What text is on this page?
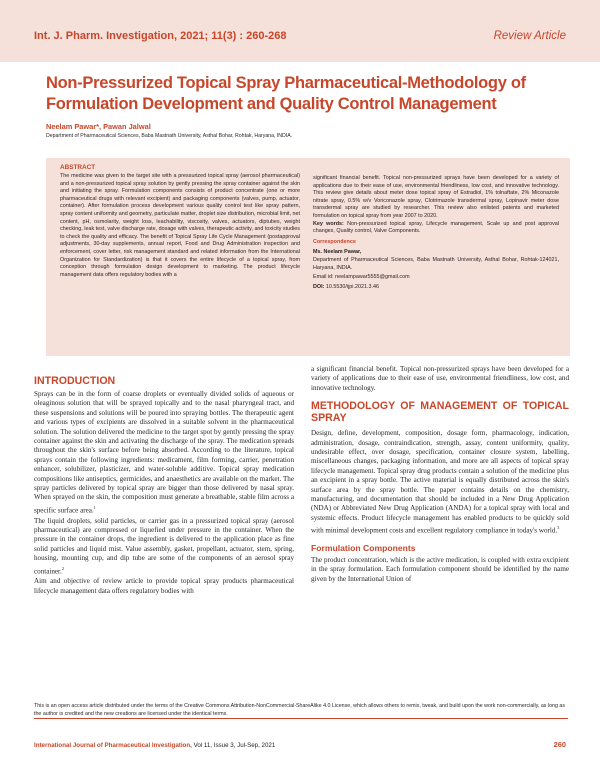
Int. J. Pharm. Investigation, 2021; 11(3) : 260-268	Review Article
Non-Pressurized Topical Spray Pharmaceutical-Methodology of Formulation Development and Quality Control Management
Neelam Pawar*, Pawan Jalwal
Department of Pharmaceutical Sciences, Baba Mastnath University, Asthal Bohar, Rohtak, Haryana, INDIA.
ABSTRACT

The medicine was given to the target site with a pressurized topical spray (aerosol pharmaceutical) and a non-pressurized topical spray solution by gently pressing the spray container against the skin and initiating the spray. Formulation components consists of product concentrate (one or more pharmaceutical drugs with relevant excipient) and packaging components (valves, pump, actuator, container). After formulation process development various quality control test like spray pattern, spray content uniformity and geometry, particulate matter, droplet size distribution, microbial limit, net content, pH, osmolarity, weight loss, leachability, viscosity, valves, actuators, diptubes, weight checking, leak test, valve discharge rate, dosage with valves, therapeutic activity, and toxicity studies to check the quality and efficacy. The benefit of Topical Spray Life Cycle Management (postapproval adjustments, 30-day supplements, annual report, Food and Drug Administration inspection and enforcement, cover letter, risk management standard and related information from the International Organization for Standardization) is that it covers the entire lifecycle of a topical spray, from conception through formulation design development to marketing. The product lifecycle management data offers regulatory bodies with a

significant financial benefit. Topical non-pressurized sprays have been developed for a variety of applications due to their ease of use, environmental friendliness, low cost, and innovative technology. This review give details about meter dose topical spray of Estradiol, 1% tolnaftate, 2% Miconazole nitrate spray, 0.5% w/v Voriconazole spray, Clotrimazole transdermal spray, Lopinavir meter dose transdermal spray are studied by researcher. This review also enlisted patents and marketed formulation on topical spray from year 2007 to 2020.

Key words: Non-pressurized topical spray, Lifecycle management, Scale up and post approval changes, Quality control, Valve Components.

Correspondence
Ms. Neelam Pawar,

Department of Pharmaceutical Sciences, Baba Mastnath University, Asthal Bohar, Rohtak-124021, Haryana, INDIA.

Email id: neelampawar5555@gmail.com

DOI: 10.5530/ijpi.2021.3.46

INTRODUCTION

Sprays can be in the form of coarse droplets or eventually divided solids of aqueous or oleaginous solution that will be sprayed topically and to the nasal pharyngeal tract, and these suspensions and solutions will be poured into spraying bottles. The therapeutic agent and various types of excipients are dissolved in a suitable solvent in the pharmaceutical solution. The solution delivered the medicine to the target spot by gently pressing the spray container against the skin and activating the discharge of the spray. The medication spreads throughout the skin's surface before being absorbed. According to the literature, topical sprays contain the following ingredients: medicament, film forming, carrier, penetration enhancer, solubilizer, plasticizer, and water-soluble additive. Topical spray medication compositions like antiseptics, germicides, and anaesthetics are available on the market. The spray particles delivered by topical spray are bigger than those delivered by nasal spray. When sprayed on the skin, the composition must generate a breathable, stable film across a specific surface area.$^1$

The liquid droplets, solid particles, or carrier gas in a pressurized topical spray (aerosol pharmaceutical) are compressed or liquefied under pressure in the container. When the pressure in the container drops, the ingredient is delivered to the application place as fine solid particles and liquid mist. Value assembly, gasket, propellant, actuator, stem, spring, housing, mounting cup, and dip tube are some of the components of an aerosol spray container.$^2$

Aim and objective of review article to provide topical spray products pharmaceutical lifecycle management data offers regulatory bodies with

a significant financial benefit. Topical non-pressurized sprays have been developed for a variety of applications due to their ease of use, environmental friendliness, low cost, and innovative technology.

METHODOLOGY OF MANAGEMENT OF TOPICAL SPRAY

Design, define, development, composition, dosage form, pharmacology, indication, administration, dosage, contraindication, strength, assay, content uniformity, quality, undesirable effect, over dosage, specification, container closure system, labelling, miscellaneous changes, packaging information, and more are all aspects of topical spray lifecycle management. Topical spray drug products contain a solution of the medicine plus an excipient in a spray bottle. The active material is equally distributed across the skin's surface area by the spray bottle. The paper contains details on the chemistry, manufacturing, and documentation that should be included in a New Drug Application (NDA) or Abbreviated New Drug Application (ANDA) for a topical spray with local and systemic effects. Product lifecycle management has enabled products to be quickly sold with minimal development costs and excellent regulatory compliance in today's world.$^3$

Formulation Components

The product concentration, which is the active medication, is coupled with extra excipient in the spray formulation. Each formulation component should be identified by the name given by the International Union of

This is an open access article distributed under the terms of the Creative Commons Attribution-NonCommercial-ShareAlike 4.0 License, which allows others to remix, tweak, and build upon the work non-commercially, as long as the author is credited and the new creations are licensed under the identical terms.
International Journal of Pharmaceutical Investigation, Vol 11, Issue 3, Jul-Sep, 2021	260
